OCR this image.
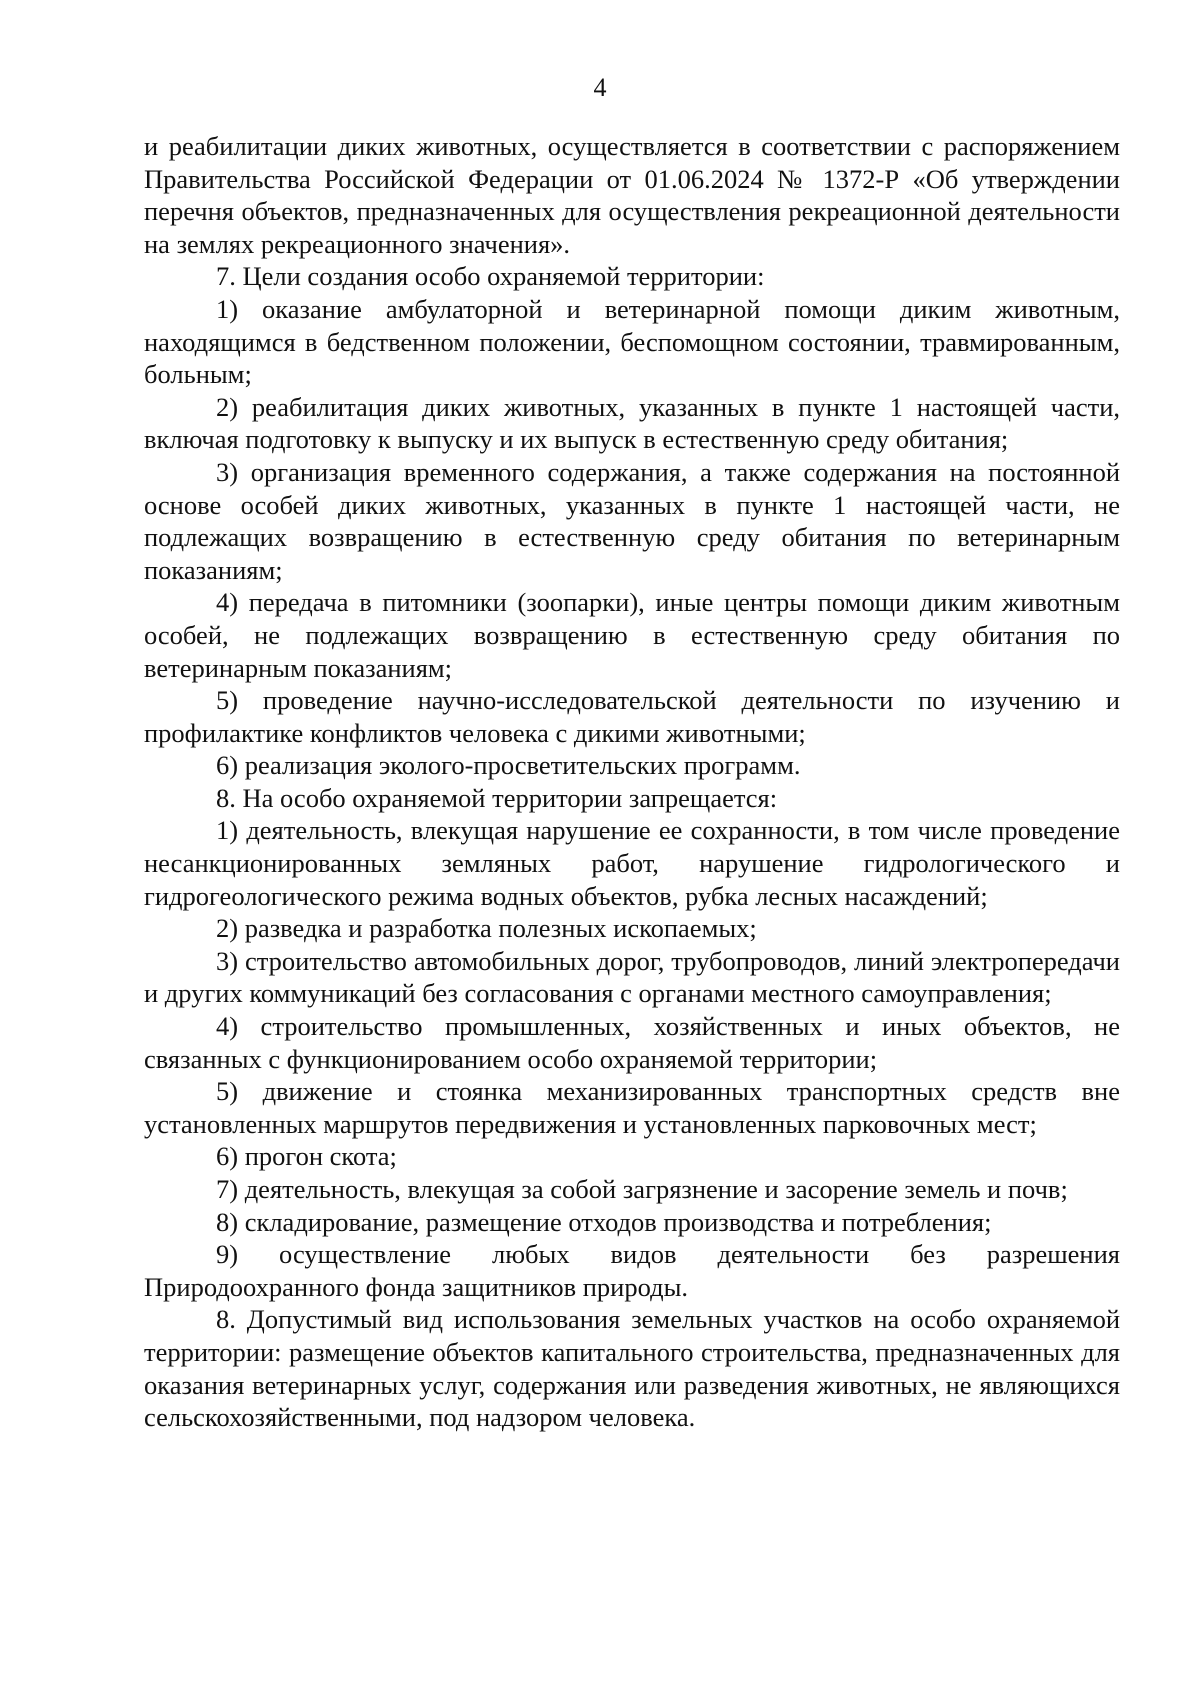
4

и реабилитации диких животных, осуществляется в соответствии с распоряжением Правительства Российской Федерации от 01.06.2024 № 1372-Р «Об утверждении перечня объектов, предназначенных для осуществления рекреационной деятельности на землях рекреационного значения».

7. Цели создания особо охраняемой территории:

1) оказание амбулаторной и ветеринарной помощи диким животным, находящимся в бедственном положении, беспомощном состоянии, травмированным, больным;

2) реабилитация диких животных, указанных в пункте 1 настоящей части, включая подготовку к выпуску и их выпуск в естественную среду обитания;

3) организация временного содержания, а также содержания на постоянной основе особей диких животных, указанных в пункте 1 настоящей части, не подлежащих возвращению в естественную среду обитания по ветеринарным показаниям;

4) передача в питомники (зоопарки), иные центры помощи диким животным особей, не подлежащих возвращению в естественную среду обитания по ветеринарным показаниям;

5) проведение научно-исследовательской деятельности по изучению и профилактике конфликтов человека с дикими животными;

6) реализация эколого-просветительских программ.

8. На особо охраняемой территории запрещается:

1) деятельность, влекущая нарушение ее сохранности, в том числе проведение несанкционированных земляных работ, нарушение гидрологического и гидрогеологического режима водных объектов, рубка лесных насаждений;

2) разведка и разработка полезных ископаемых;

3) строительство автомобильных дорог, трубопроводов, линий электропередачи и других коммуникаций без согласования с органами местного самоуправления;

4) строительство промышленных, хозяйственных и иных объектов, не связанных с функционированием особо охраняемой территории;

5) движение и стоянка механизированных транспортных средств вне установленных маршрутов передвижения и установленных парковочных мест;

6) прогон скота;

7) деятельность, влекущая за собой загрязнение и засорение земель и почв;

8) складирование, размещение отходов производства и потребления;

9) осуществление любых видов деятельности без разрешения Природоохранного фонда защитников природы.

8. Допустимый вид использования земельных участков на особо охраняемой территории: размещение объектов капитального строительства, предназначенных для оказания ветеринарных услуг, содержания или разведения животных, не являющихся сельскохозяйственными, под надзором человека.
